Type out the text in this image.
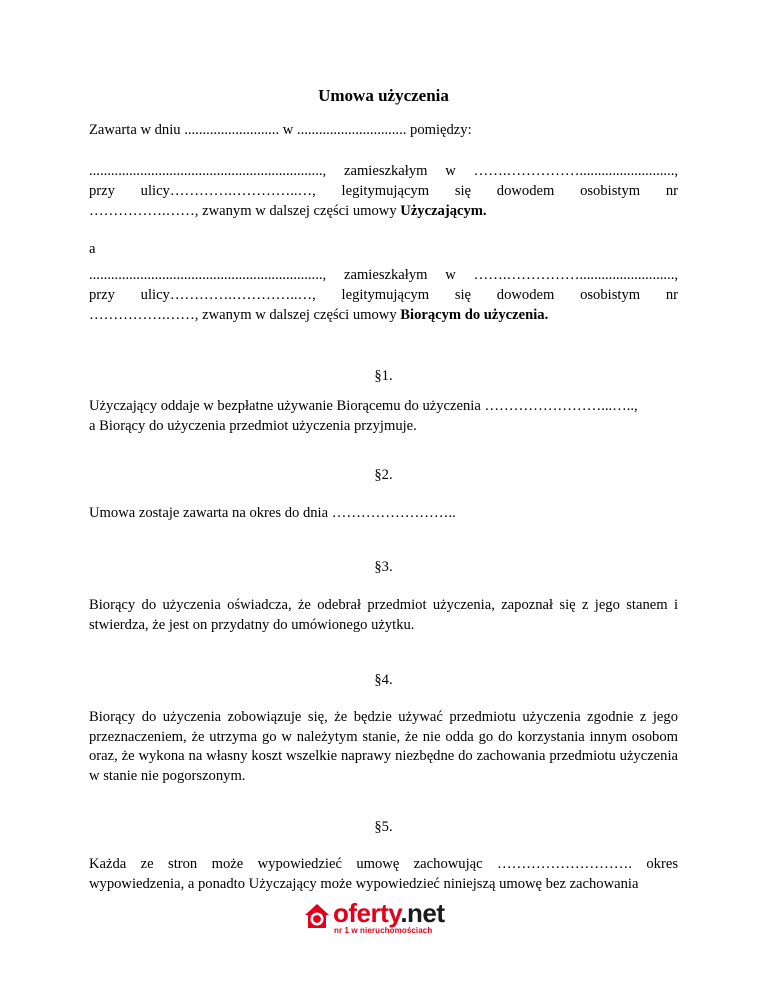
Umowa użyczenia

Zawarta w dniu .......................... w .............................. pomiędzy:

................................................................, zamieszkałym w …….……………..........................,

przy ulicy………….…………..…, legitymującym się dowodem osobistym nr

…………….……, zwanym w dalszej części umowy Użyczającym.

a

................................................................, zamieszkałym w …….……………..........................,

przy ulicy………….…………..…, legitymującym się dowodem osobistym nr

…………….……, zwanym w dalszej części umowy Biorącym do użyczenia.

§1.

Użyczający oddaje w bezpłatne używanie Biorącemu do użyczenia ……………………...…..,
a Biorący do użyczenia przedmiot użyczenia przyjmuje.

§2.

Umowa zostaje zawarta na okres do dnia ……………………..

§3.

Biorący do użyczenia oświadcza, że odebrał przedmiot użyczenia, zapoznał się z jego stanem i stwierdza, że jest on przydatny do umówionego użytku.

§4.

Biorący do użyczenia zobowiązuje się, że będzie używać przedmiotu użyczenia zgodnie z jego przeznaczeniem, że utrzyma go w należytym stanie, że nie odda go do korzystania innym osobom oraz, że wykona na własny koszt wszelkie naprawy niezbędne do zachowania przedmiotu użyczenia w stanie nie pogorszonym.

§5.

Każda ze stron może wypowiedzieć umowę zachowując ………………………. okres wypowiedzenia, a ponadto Użyczający może wypowiedzieć niniejszą umowę bez zachowania

oferty.net
nr 1 w nieruchomościach
